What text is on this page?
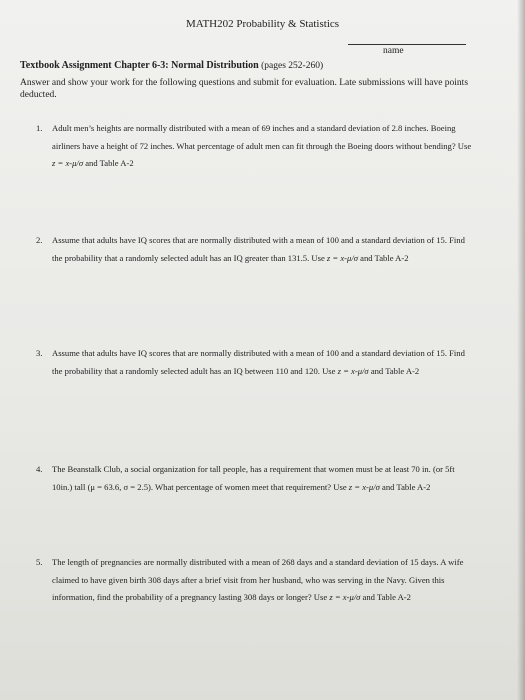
MATH202 Probability & Statistics
name
Textbook Assignment Chapter 6-3: Normal Distribution (pages 252-260)
Answer and show your work for the following questions and submit for evaluation. Late submissions will have points deducted.
1. Adult men’s heights are normally distributed with a mean of 69 inches and a standard deviation of 2.8 inches. Boeing airliners have a height of 72 inches. What percentage of adult men can fit through the Boeing doors without bending? Use z = x-μ/σ and Table A-2
2. Assume that adults have IQ scores that are normally distributed with a mean of 100 and a standard deviation of 15. Find the probability that a randomly selected adult has an IQ greater than 131.5. Use z = x-μ/σ and Table A-2
3. Assume that adults have IQ scores that are normally distributed with a mean of 100 and a standard deviation of 15. Find the probability that a randomly selected adult has an IQ between 110 and 120. Use z = x-μ/σ and Table A-2
4. The Beanstalk Club, a social organization for tall people, has a requirement that women must be at least 70 in. (or 5ft 10in.) tall (μ = 63.6, σ = 2.5). What percentage of women meet that requirement? Use z = x-μ/σ and Table A-2
5. The length of pregnancies are normally distributed with a mean of 268 days and a standard deviation of 15 days. A wife claimed to have given birth 308 days after a brief visit from her husband, who was serving in the Navy. Given this information, find the probability of a pregnancy lasting 308 days or longer? Use z = x-μ/σ and Table A-2
